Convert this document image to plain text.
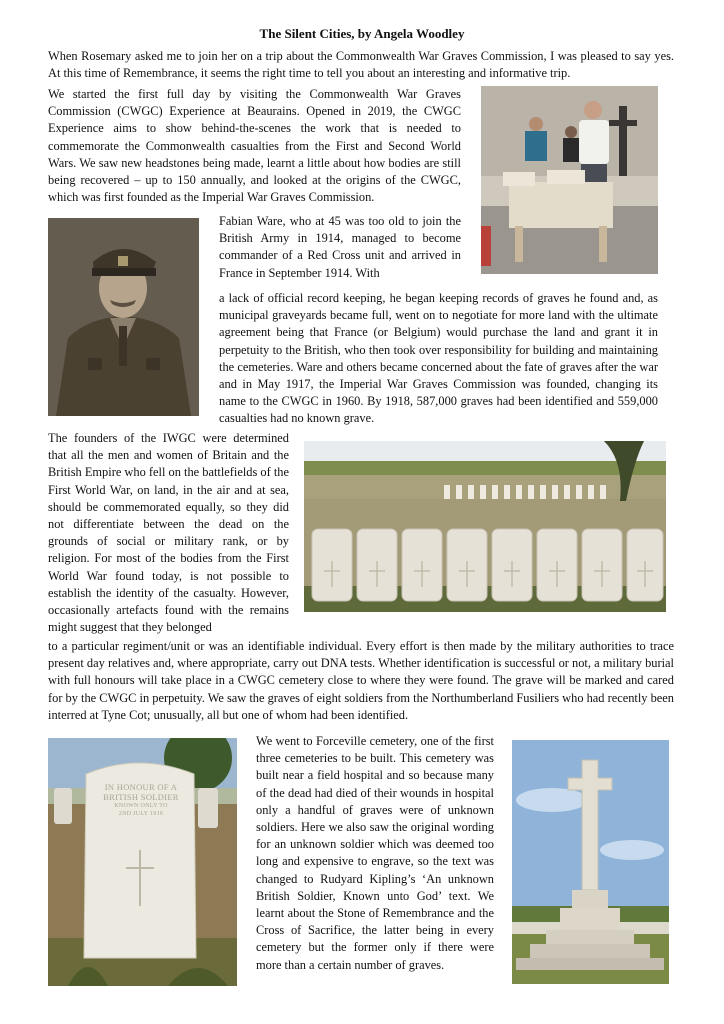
The Silent Cities, by Angela Woodley
When Rosemary asked me to join her on a trip about the Commonwealth War Graves Commission, I was pleased to say yes. At this time of Remembrance, it seems the right time to tell you about an interesting and informative trip.
We started the first full day by visiting the Commonwealth War Graves Commission (CWGC) Experience at Beaurains. Opened in 2019, the CWGC Experience aims to show behind-the-scenes the work that is needed to commemorate the Commonwealth casualties from the First and Second World Wars. We saw new headstones being made, learnt a little about how bodies are still being recovered – up to 150 annually, and looked at the origins of the CWGC, which was first founded as the Imperial War Graves Commission.
Fabian Ware, who at 45 was too old to join the British Army in 1914, managed to become commander of a Red Cross unit and arrived in France in September 1914. With
a lack of official record keeping, he began keeping records of graves he found and, as municipal graveyards became full, went on to negotiate for more land with the ultimate agreement being that France (or Belgium) would purchase the land and grant it in perpetuity to the British, who then took over responsibility for building and maintaining the cemeteries. Ware and others became concerned about the fate of graves after the war and in May 1917, the Imperial War Graves Commission was founded, changing its name to the CWGC in 1960. By 1918, 587,000 graves had been identified and 559,000 casualties had no known grave.
The founders of the IWGC were determined that all the men and women of Britain and the British Empire who fell on the battlefields of the First World War, on land, in the air and at sea, should be commemorated equally, so they did not differentiate between the dead on the grounds of social or military rank, or by religion. For most of the bodies from the First World War found today, is not possible to establish the identity of the casualty. However, occasionally artefacts found with the remains might suggest that they belonged
to a particular regiment/unit or was an identifiable individual. Every effort is then made by the military authorities to trace present day relatives and, where appropriate, carry out DNA tests. Whether identification is successful or not, a military burial with full honours will take place in a CWGC cemetery close to where they were found. The grave will be marked and cared for by the CWGC in perpetuity. We saw the graves of eight soldiers from the Northumberland Fusiliers who had recently been interred at Tyne Cot; unusually, all but one of whom had been identified.
IN HONOUR OF A
BRITISH SOLDIER
KNOWN ONLY TO
2ND JULY 1916
We went to Forceville cemetery, one of the first three cemeteries to be built. This cemetery was built near a field hospital and so because many of the dead had died of their wounds in hospital only a handful of graves were of unknown soldiers. Here we also saw the original wording for an unknown soldier which was deemed too long and expensive to engrave, so the text was changed to Rudyard Kipling’s ‘An unknown British Soldier, Known unto God’ text. We learnt about the Stone of Remembrance and the Cross of Sacrifice, the latter being in every cemetery but the former only if there were more than a certain number of graves.
